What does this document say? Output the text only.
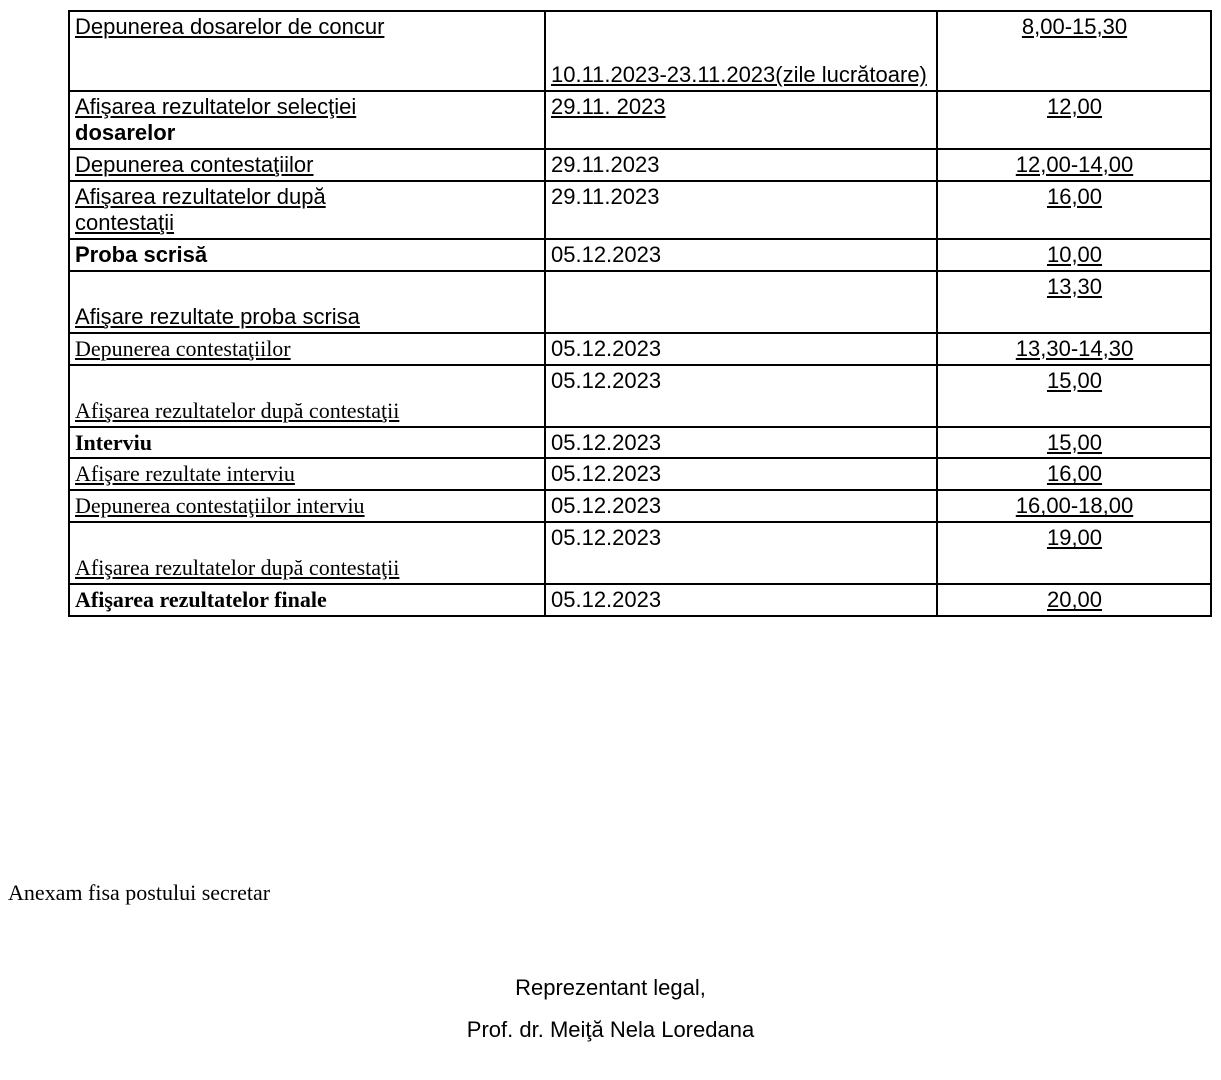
Depunerea dosarelor de concur	10.11.2023-23.11.2023(zile lucrătoare)	8,00-15,30

Afişarea rezultatelor selecţiei
dosarelor	29.11. 2023	12,00
Depunerea contestaţiilor	29.11.2023	12,00-14,00

Afişarea rezultatelor după
contestaţii	29.11.2023	16,00
Proba scrisă	05.12.2023	10,00

Afişare rezultate proba scrisa		13,30
Depunerea contestaţiilor	05.12.2023	13,30-14,30

Afişarea rezultatelor după contestaţii	05.12.2023	15,00
Interviu	05.12.2023	15,00
Afişare rezultate interviu	05.12.2023	16,00
Depunerea contestaţiilor interviu	05.12.2023	16,00-18,00

Afişarea rezultatelor după contestaţii	05.12.2023	19,00
Afişarea rezultatelor finale	05.12.2023	20,00
Anexam fisa postului secretar
Reprezentant legal,
Prof. dr. Meiţă Nela Loredana
